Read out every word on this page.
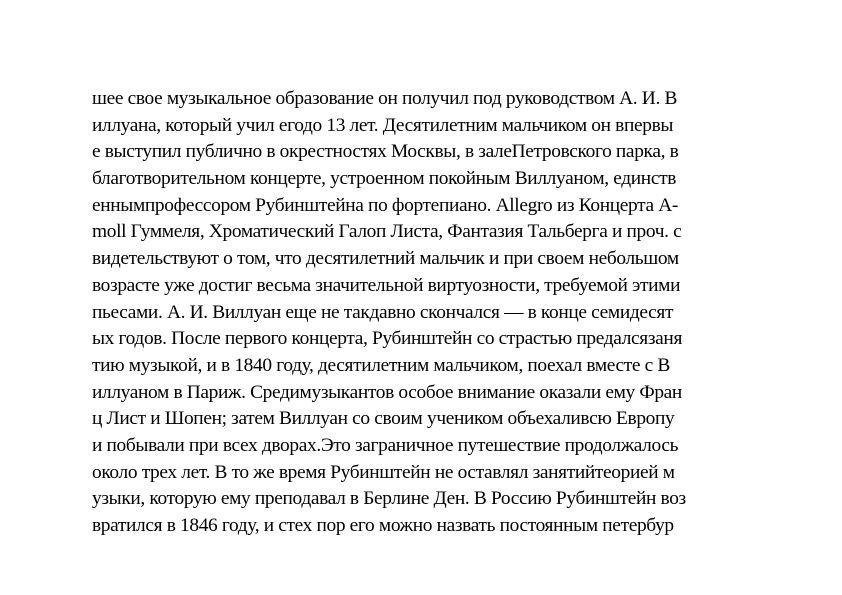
шее свое музыкальное образование он получил под руководством А. И. В
иллуана, который учил егодо 13 лет. Десятилетним мальчиком он впервы
е выступил публично в окрестностях Москвы, в залеПетровского парка, в
благотворительном концерте, устроенном покойным Виллуаном, единств
еннымпрофессором Рубинштейна по фортепиано. Allegro из Концерта A-
moll Гуммеля, Хроматический Галоп Листа, Фантазия Тальберга и проч. с
видетельствуют о том, что десятилетний мальчик и при своем небольшом
возрасте уже достиг весьма значительной виртуозности, требуемой этими
пьесами. А. И. Виллуан еще не такдавно скончался — в конце семидесят
ых годов. После первого концерта, Рубинштейн со страстью предалсязаня
тию музыкой, и в 1840 году, десятилетним мальчиком, поехал вместе с В
иллуаном в Париж. Средимузыкантов особое внимание оказали ему Фран
ц Лист и Шопен; затем Виллуан со своим учеником объехаливсю Европу
и побывали при всех дворах.Это заграничное путешествие продолжалось
около трех лет. В то же время Рубинштейн не оставлял занятийтеорией м
узыки, которую ему преподавал в Берлине Ден. В Россию Рубинштейн воз
вратился в 1846 году, и стех пор его можно назвать постоянным петербур
